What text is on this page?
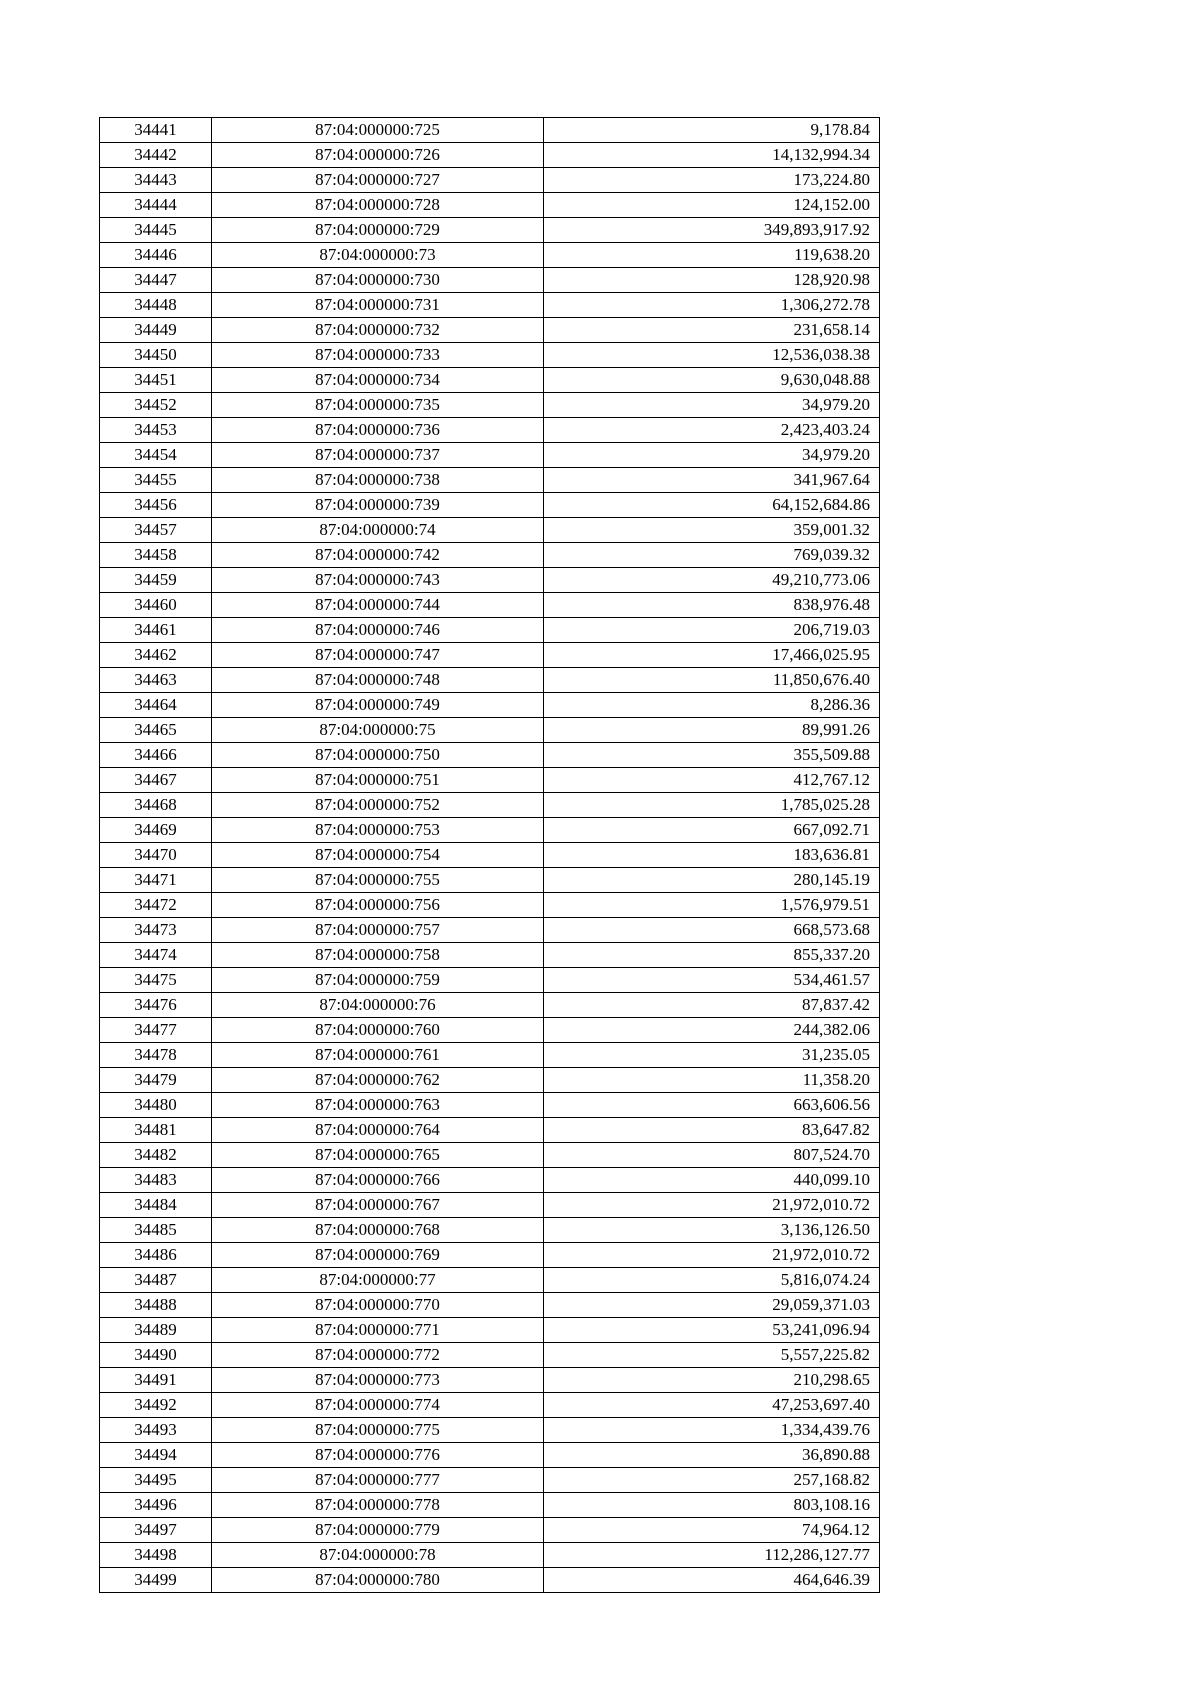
34441	87:04:000000:725	9,178.84
34442	87:04:000000:726	14,132,994.34
34443	87:04:000000:727	173,224.80
34444	87:04:000000:728	124,152.00
34445	87:04:000000:729	349,893,917.92
34446	87:04:000000:73	119,638.20
34447	87:04:000000:730	128,920.98
34448	87:04:000000:731	1,306,272.78
34449	87:04:000000:732	231,658.14
34450	87:04:000000:733	12,536,038.38
34451	87:04:000000:734	9,630,048.88
34452	87:04:000000:735	34,979.20
34453	87:04:000000:736	2,423,403.24
34454	87:04:000000:737	34,979.20
34455	87:04:000000:738	341,967.64
34456	87:04:000000:739	64,152,684.86
34457	87:04:000000:74	359,001.32
34458	87:04:000000:742	769,039.32
34459	87:04:000000:743	49,210,773.06
34460	87:04:000000:744	838,976.48
34461	87:04:000000:746	206,719.03
34462	87:04:000000:747	17,466,025.95
34463	87:04:000000:748	11,850,676.40
34464	87:04:000000:749	8,286.36
34465	87:04:000000:75	89,991.26
34466	87:04:000000:750	355,509.88
34467	87:04:000000:751	412,767.12
34468	87:04:000000:752	1,785,025.28
34469	87:04:000000:753	667,092.71
34470	87:04:000000:754	183,636.81
34471	87:04:000000:755	280,145.19
34472	87:04:000000:756	1,576,979.51
34473	87:04:000000:757	668,573.68
34474	87:04:000000:758	855,337.20
34475	87:04:000000:759	534,461.57
34476	87:04:000000:76	87,837.42
34477	87:04:000000:760	244,382.06
34478	87:04:000000:761	31,235.05
34479	87:04:000000:762	11,358.20
34480	87:04:000000:763	663,606.56
34481	87:04:000000:764	83,647.82
34482	87:04:000000:765	807,524.70
34483	87:04:000000:766	440,099.10
34484	87:04:000000:767	21,972,010.72
34485	87:04:000000:768	3,136,126.50
34486	87:04:000000:769	21,972,010.72
34487	87:04:000000:77	5,816,074.24
34488	87:04:000000:770	29,059,371.03
34489	87:04:000000:771	53,241,096.94
34490	87:04:000000:772	5,557,225.82
34491	87:04:000000:773	210,298.65
34492	87:04:000000:774	47,253,697.40
34493	87:04:000000:775	1,334,439.76
34494	87:04:000000:776	36,890.88
34495	87:04:000000:777	257,168.82
34496	87:04:000000:778	803,108.16
34497	87:04:000000:779	74,964.12
34498	87:04:000000:78	112,286,127.77
34499	87:04:000000:780	464,646.39
